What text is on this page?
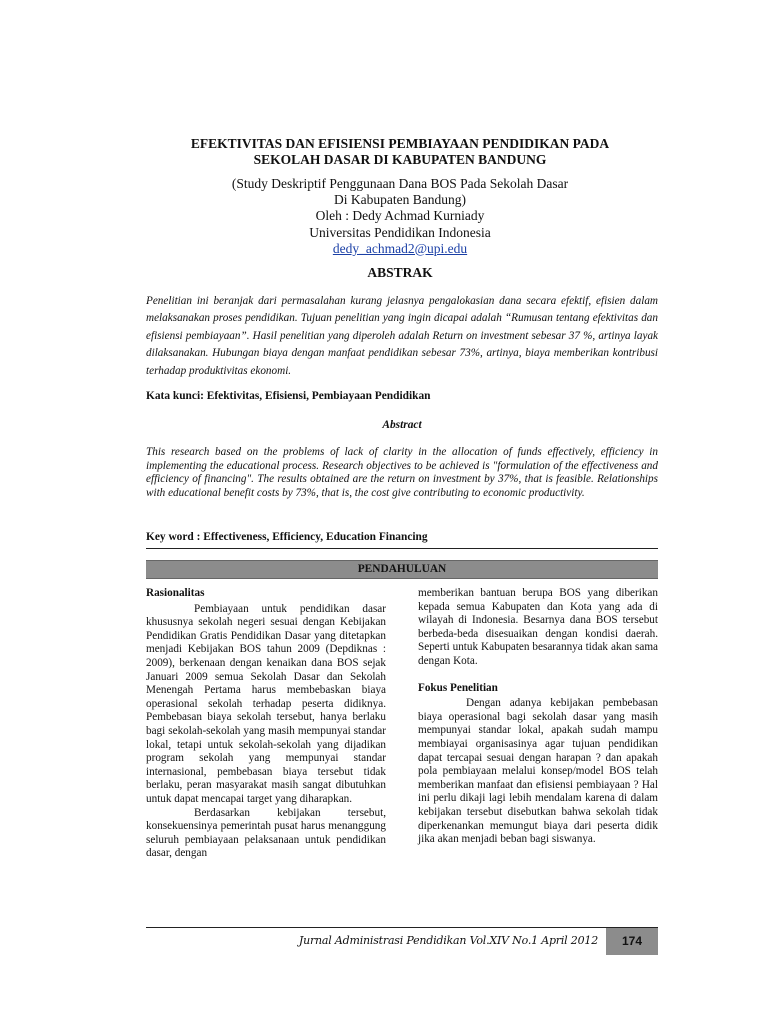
EFEKTIVITAS DAN EFISIENSI PEMBIAYAAN PENDIDIKAN PADA
SEKOLAH DASAR DI KABUPATEN BANDUNG
(Study Deskriptif Penggunaan Dana BOS Pada Sekolah Dasar
Di Kabupaten Bandung)
Oleh : Dedy Achmad Kurniady
Universitas Pendidikan Indonesia
dedy_achmad2@upi.edu
ABSTRAK
Penelitian ini beranjak dari permasalahan kurang jelasnya pengalokasian dana secara efektif, efisien dalam melaksanakan proses pendidikan. Tujuan penelitian yang ingin dicapai adalah “Rumusan tentang efektivitas dan efisiensi pembiayaan”. Hasil penelitian yang diperoleh adalah Return on investment sebesar 37 %, artinya layak dilaksanakan. Hubungan biaya dengan manfaat pendidikan sebesar 73%, artinya, biaya memberikan kontribusi terhadap produktivitas ekonomi.
Kata kunci: Efektivitas, Efisiensi, Pembiayaan Pendidikan
Abstract
This research based on the problems of lack of clarity in the allocation of funds effectively, efficiency in implementing the educational process. Research objectives to be achieved is "formulation of the effectiveness and efficiency of financing". The results obtained are the return on investment by 37%, that is feasible. Relationships with educational benefit costs by 73%, that is, the cost give contributing to economic productivity.
Key word : Effectiveness, Efficiency, Education Financing
PENDAHULUAN

Rasionalitas

Pembiayaan untuk pendidikan dasar khususnya sekolah negeri sesuai dengan Kebijakan Pendidikan Gratis Pendidikan Dasar yang ditetapkan menjadi Kebijakan BOS tahun 2009 (Depdiknas : 2009), berkenaan dengan kenaikan dana BOS sejak Januari 2009 semua Sekolah Dasar dan Sekolah Menengah Pertama harus membebaskan biaya operasional sekolah terhadap peserta didiknya. Pembebasan biaya sekolah tersebut, hanya berlaku bagi sekolah-sekolah yang masih mempunyai standar lokal, tetapi untuk sekolah-sekolah yang dijadikan program sekolah yang mempunyai standar internasional, pembebasan biaya tersebut tidak berlaku, peran masyarakat masih sangat dibutuhkan untuk dapat mencapai target yang diharapkan.

Berdasarkan kebijakan tersebut, konsekuensinya pemerintah pusat harus menanggung seluruh pembiayaan pelaksanaan untuk pendidikan dasar, dengan

memberikan bantuan berupa BOS yang diberikan kepada semua Kabupaten dan Kota yang ada di wilayah di Indonesia. Besarnya dana BOS tersebut berbeda-beda disesuaikan dengan kondisi daerah. Seperti untuk Kabupaten besarannya tidak akan sama dengan Kota.

Fokus Penelitian

Dengan adanya kebijakan pembebasan biaya operasional bagi sekolah dasar yang masih mempunyai standar lokal, apakah sudah mampu membiayai organisasinya agar tujuan pendidikan dapat tercapai sesuai dengan harapan ? dan apakah pola pembiayaan melalui konsep/model BOS telah memberikan manfaat dan efisiensi pembiayaan ? Hal ini perlu dikaji lagi lebih mendalam karena di dalam kebijakan tersebut disebutkan bahwa sekolah tidak diperkenankan memungut biaya dari peserta didik jika akan menjadi beban bagi siswanya.

Jurnal Administrasi Pendidikan Vol.XIV No.1 April 2012	174
